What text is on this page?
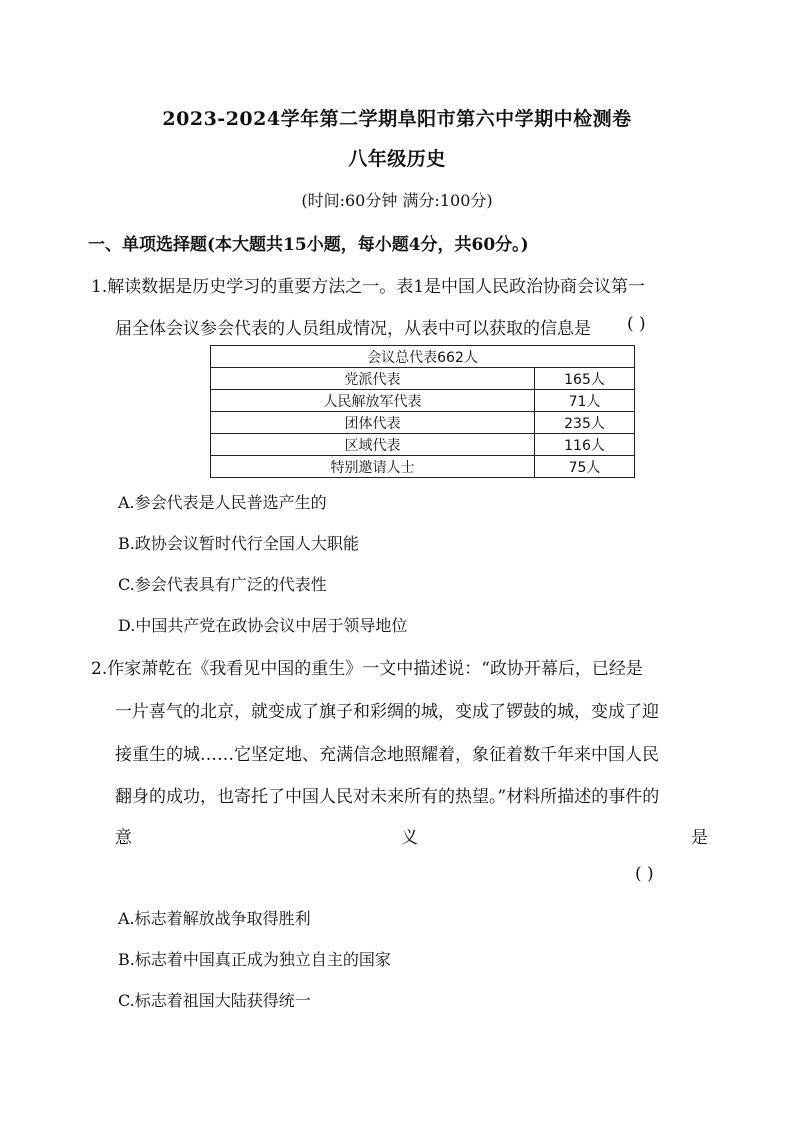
2023-2024学年第二学期阜阳市第六中学期中检测卷
八年级历史
(时间:60分钟 满分:100分)
一、单项选择题(本大题共15小题，每小题4分，共60分。)
1.解读数据是历史学习的重要方法之一。表1是中国人民政治协商会议第一
届全体会议参会代表的人员组成情况，从表中可以获取的信息是 ( )
会议总代表662人	
党派代表	165人
人民解放军代表	71人
团体代表	235人
区域代表	116人
特别邀请人士	75人
A.参会代表是人民普选产生的
B.政协会议暂时代行全国人大职能
C.参会代表具有广泛的代表性
D.中国共产党在政协会议中居于领导地位
2.作家萧乾在《我看见中国的重生》一文中描述说：“政协开幕后，已经是
一片喜气的北京，就变成了旗子和彩绸的城，变成了锣鼓的城，变成了迎
接重生的城……它坚定地、充满信念地照耀着，象征着数千年来中国人民
翻身的成功，也寄托了中国人民对未来所有的热望。”材料所描述的事件的
意	义	是
( )
A.标志着解放战争取得胜利
B.标志着中国真正成为独立自主的国家
C.标志着祖国大陆获得统一
